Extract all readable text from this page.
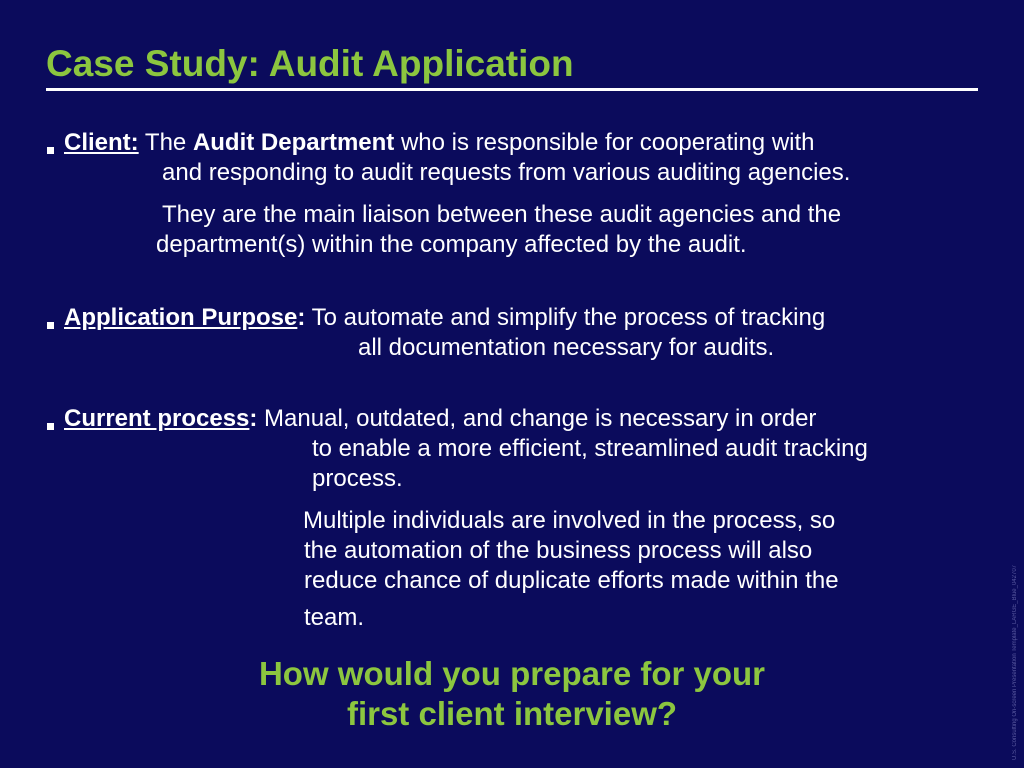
Case Study: Audit Application
Client: The Audit Department who is responsible for cooperating with
and responding to audit requests from various auditing agencies.
They are the main liaison between these audit agencies and the
department(s) within the company affected by the audit.
Application Purpose: To automate and simplify the process of tracking
all documentation necessary for audits.
Current process: Manual, outdated, and change is necessary in order
to enable a more efficient, streamlined audit tracking
process.
Multiple individuals are involved in the process, so
the automation of the business process will also
reduce chance of duplicate efforts made within the
team.
How would you prepare for your
first client interview?	U.S. Consulting On-screen Presentation Template_LARGE_Blue_042707
